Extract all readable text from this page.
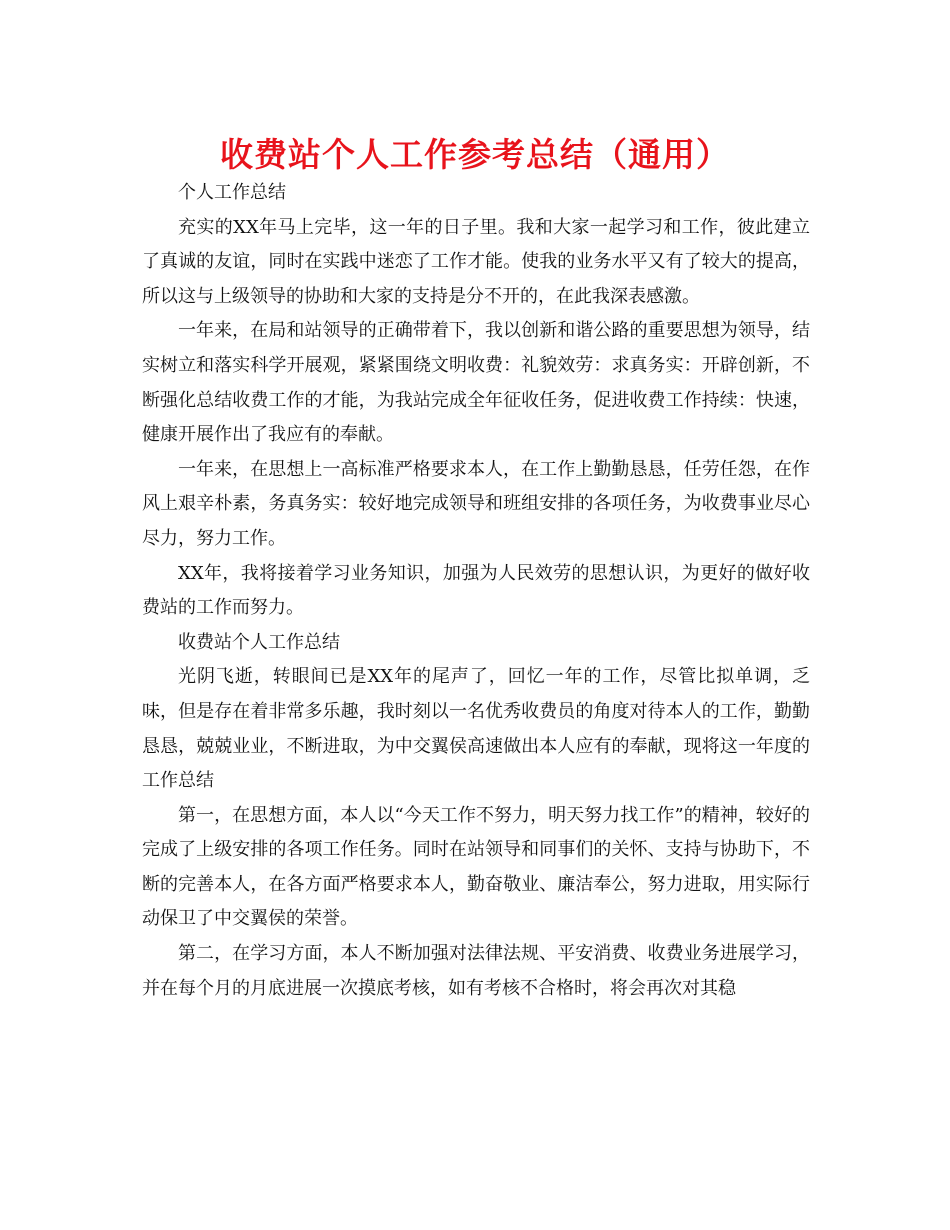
收费站个人工作参考总结（通用）

个人工作总结

充实的XX年马上完毕，这一年的日子里。我和大家一起学习和工作，彼此建立了真诚的友谊，同时在实践中迷恋了工作才能。使我的业务水平又有了较大的提高，所以这与上级领导的协助和大家的支持是分不开的，在此我深表感激。

一年来，在局和站领导的正确带着下，我以创新和谐公路的重要思想为领导，结实树立和落实科学开展观，紧紧围绕文明收费：礼貌效劳：求真务实：开辟创新，不断强化总结收费工作的才能，为我站完成全年征收任务，促进收费工作持续：快速，健康开展作出了我应有的奉献。

一年来，在思想上一高标准严格要求本人，在工作上勤勤恳恳，任劳任怨，在作风上艰辛朴素，务真务实：较好地完成领导和班组安排的各项任务，为收费事业尽心尽力，努力工作。

XX年，我将接着学习业务知识，加强为人民效劳的思想认识，为更好的做好收费站的工作而努力。

收费站个人工作总结

光阴飞逝，转眼间已是XX年的尾声了，回忆一年的工作，尽管比拟单调，乏味，但是存在着非常多乐趣，我时刻以一名优秀收费员的角度对待本人的工作，勤勤恳恳，兢兢业业，不断进取，为中交翼侯高速做出本人应有的奉献，现将这一年度的工作总结

第一，在思想方面，本人以“今天工作不努力，明天努力找工作”的精神，较好的完成了上级安排的各项工作任务。同时在站领导和同事们的关怀、支持与协助下，不断的完善本人，在各方面严格要求本人，勤奋敬业、廉洁奉公，努力进取，用实际行动保卫了中交翼侯的荣誉。

第二，在学习方面，本人不断加强对法律法规、平安消费、收费业务进展学习，并在每个月的月底进展一次摸底考核，如有考核不合格时，将会再次对其稳
